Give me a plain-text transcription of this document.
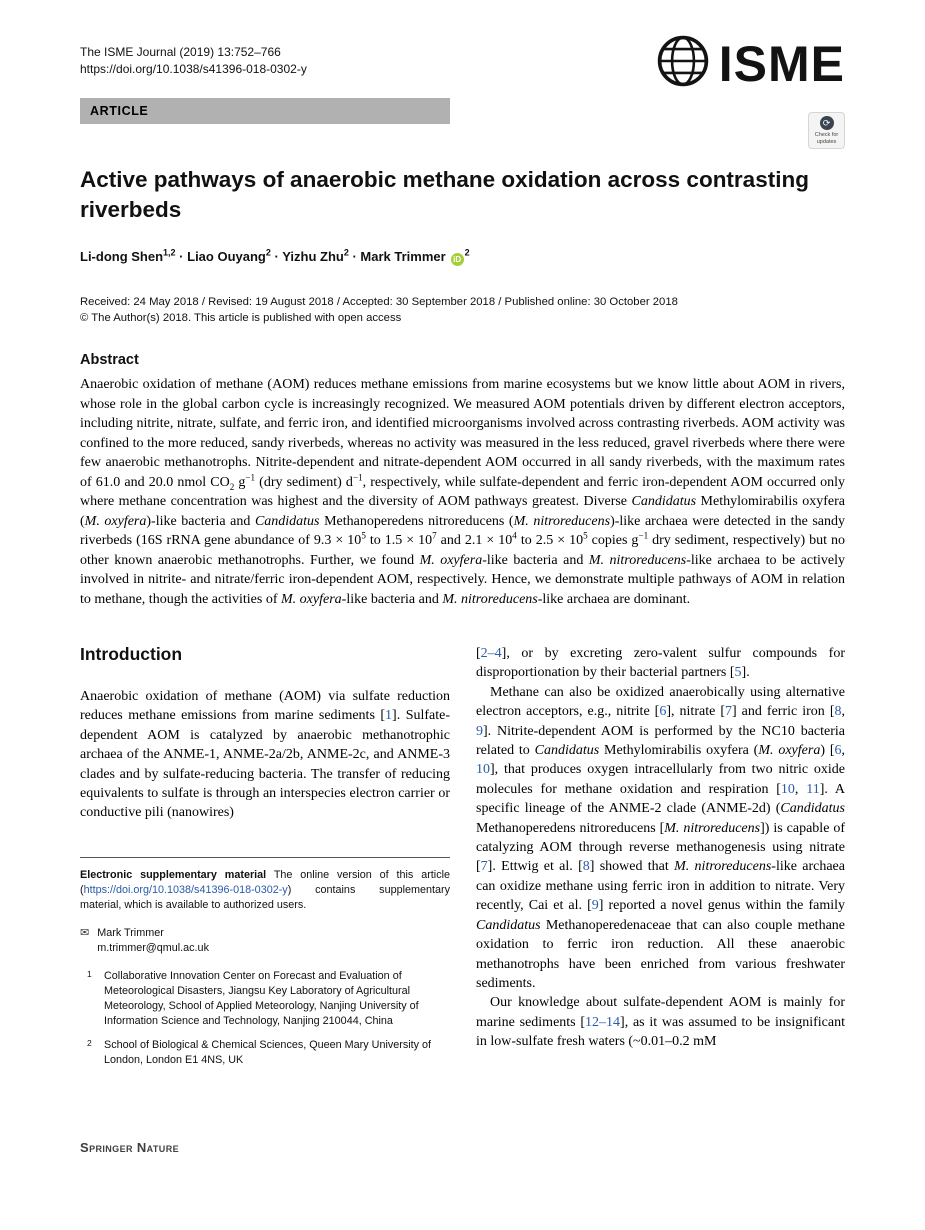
The ISME Journal (2019) 13:752–766
https://doi.org/10.1038/s41396-018-0302-y	ISME
ARTICLE
⟳
Check for updates
Active pathways of anaerobic methane oxidation across contrasting riverbeds
Li-dong Shen$^{1,2}$ · Liao Ouyang$^2$ · Yizhu Zhu$^2$ · Mark Trimmer $iD^2$
Received: 24 May 2018 / Revised: 19 August 2018 / Accepted: 30 September 2018 / Published online: 30 October 2018
© The Author(s) 2018. This article is published with open access
Abstract
Anaerobic oxidation of methane (AOM) reduces methane emissions from marine ecosystems but we know little about AOM in rivers, whose role in the global carbon cycle is increasingly recognized. We measured AOM potentials driven by different electron acceptors, including nitrite, nitrate, sulfate, and ferric iron, and identified microorganisms involved across contrasting riverbeds. AOM activity was confined to the more reduced, sandy riverbeds, whereas no activity was measured in the less reduced, gravel riverbeds where there were few anaerobic methanotrophs. Nitrite-dependent and nitrate-dependent AOM occurred in all sandy riverbeds, with the maximum rates of 61.0 and 20.0 nmol $CO_2$ $g^{-1}$ (dry sediment) $d^{-1}$, respectively, while sulfate-dependent and ferric iron-dependent AOM occurred only where methane concentration was highest and the diversity of AOM pathways greatest. Diverse Candidatus Methylomirabilis oxyfera (M. oxyfera)-like bacteria and Candidatus Methanoperedens nitroreducens (M. nitroreducens)-like archaea were detected in the sandy riverbeds (16S rRNA gene abundance of $9.3 \times 10^5$ to $1.5 \times 10^7$ and $2.1 \times 10^4$ to $2.5 \times 10^5$ copies $g^{-1}$ dry sediment, respectively) but no other known anaerobic methanotrophs. Further, we found M. oxyfera-like bacteria and M. nitroreducens-like archaea to be actively involved in nitrite- and nitrate/ferric iron-dependent AOM, respectively. Hence, we demonstrate multiple pathways of AOM in relation to methane, though the activities of M. oxyfera-like bacteria and M. nitroreducens-like archaea are dominant.
Introduction

Anaerobic oxidation of methane (AOM) via sulfate reduction reduces methane emissions from marine sediments [1]. Sulfate-dependent AOM is catalyzed by anaerobic methanotrophic archaea of the ANME-1, ANME-2a/2b, ANME-2c, and ANME-3 clades and by sulfate-reducing bacteria. The transfer of reducing equivalents to sulfate is through an interspecies electron carrier or conductive pili (nanowires)

Electronic supplementary material The online version of this article (https://doi.org/10.1038/s41396-018-0302-y) contains supplementary material, which is available to authorized users.

✉ Mark Trimmer
m.trimmer@qmul.ac.uk
1 Collaborative Innovation Center on Forecast and Evaluation of Meteorological Disasters, Jiangsu Key Laboratory of Agricultural Meteorology, School of Applied Meteorology, Nanjing University of Information Science and Technology, Nanjing 210044, China
2 School of Biological & Chemical Sciences, Queen Mary University of London, London E1 4NS, UK

[2–4], or by excreting zero-valent sulfur compounds for disproportionation by their bacterial partners [5].

Methane can also be oxidized anaerobically using alternative electron acceptors, e.g., nitrite [6], nitrate [7] and ferric iron [8, 9]. Nitrite-dependent AOM is performed by the NC10 bacteria related to Candidatus Methylomirabilis oxyfera (M. oxyfera) [6, 10], that produces oxygen intracellularly from two nitric oxide molecules for methane oxidation and respiration [10, 11]. A specific lineage of the ANME-2 clade (ANME-2d) (Candidatus Methanoperedens nitroreducens [M. nitroreducens]) is capable of catalyzing AOM through reverse methanogenesis using nitrate [7]. Ettwig et al. [8] showed that M. nitroreducens-like archaea can oxidize methane using ferric iron in addition to nitrate. Very recently, Cai et al. [9] reported a novel genus within the family Candidatus Methanoperedenaceae that can also couple methane oxidation to ferric iron reduction. All these anaerobic methanotrophs have been enriched from various freshwater sediments.

Our knowledge about sulfate-dependent AOM is mainly for marine sediments [12–14], as it was assumed to be insignificant in low-sulfate fresh waters (~0.01–0.2 mM

Springer Nature
